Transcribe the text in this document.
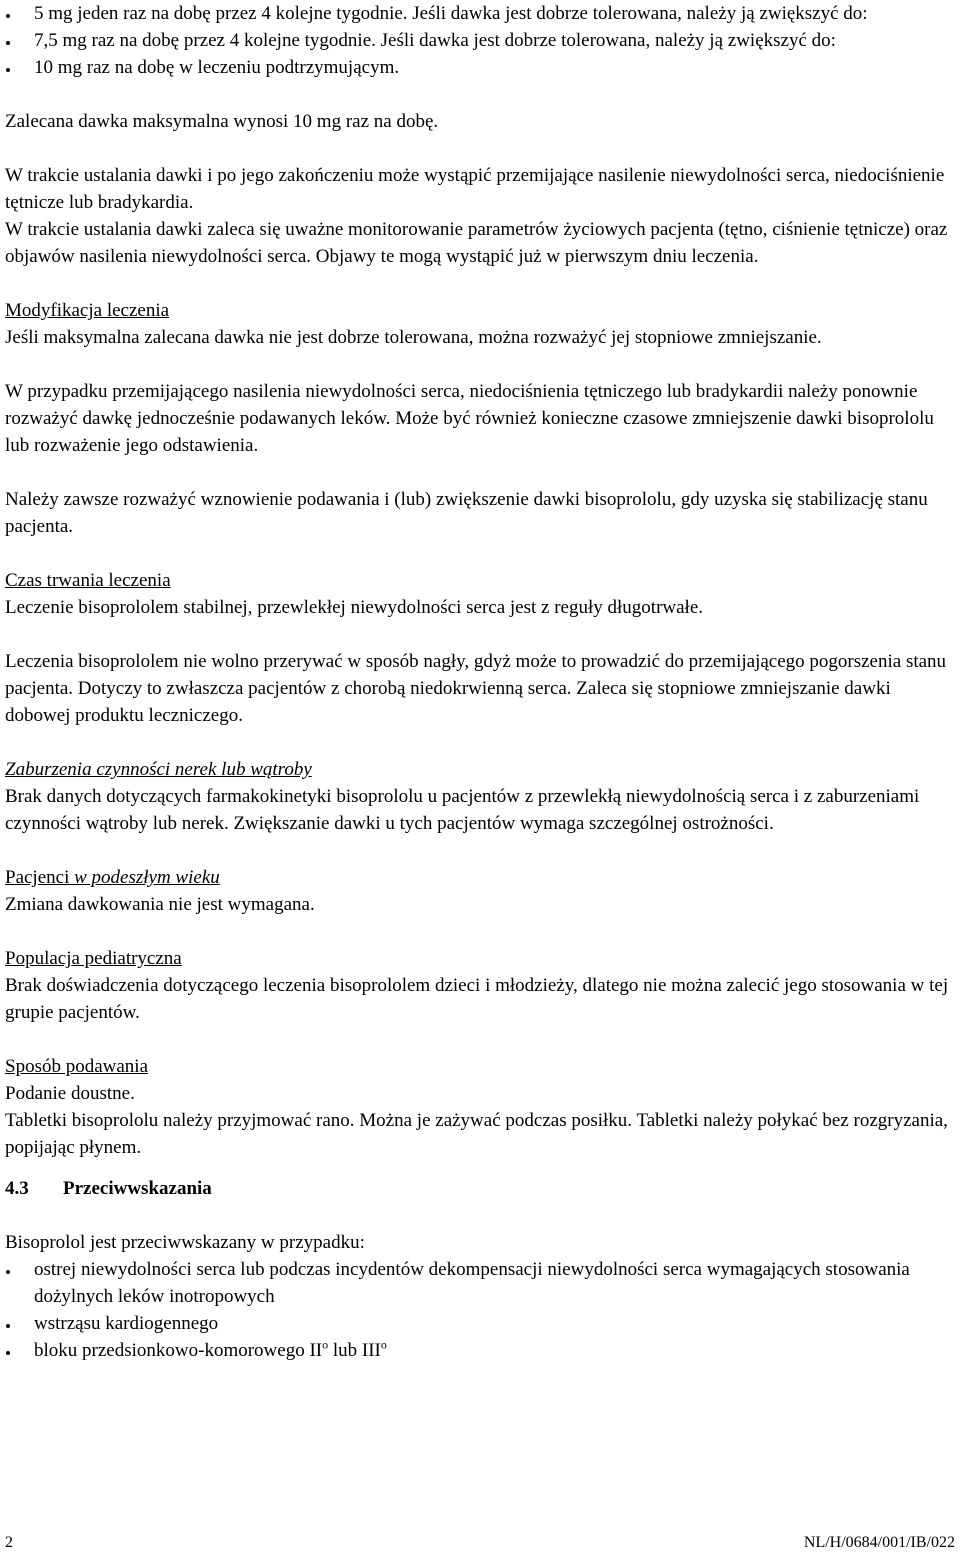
5 mg jeden raz na dobę przez 4 kolejne tygodnie. Jeśli dawka jest dobrze tolerowana, należy ją zwiększyć do:
7,5 mg raz na dobę przez 4 kolejne tygodnie. Jeśli dawka jest dobrze tolerowana, należy ją zwiększyć do:
10 mg raz na dobę w leczeniu podtrzymującym.

Zalecana dawka maksymalna wynosi 10 mg raz na dobę.

W trakcie ustalania dawki i po jego zakończeniu może wystąpić przemijające nasilenie niewydolności serca, niedociśnienie tętnicze lub bradykardia.

W trakcie ustalania dawki zaleca się uważne monitorowanie parametrów życiowych pacjenta (tętno, ciśnienie tętnicze) oraz objawów nasilenia niewydolności serca. Objawy te mogą wystąpić już w pierwszym dniu leczenia.

Modyfikacja leczenia

Jeśli maksymalna zalecana dawka nie jest dobrze tolerowana, można rozważyć jej stopniowe zmniejszanie.

W przypadku przemijającego nasilenia niewydolności serca, niedociśnienia tętniczego lub bradykardii należy ponownie rozważyć dawkę jednocześnie podawanych leków. Może być również konieczne czasowe zmniejszenie dawki bisoprololu lub rozważenie jego odstawienia.

Należy zawsze rozważyć wznowienie podawania i (lub) zwiększenie dawki bisoprololu, gdy uzyska się stabilizację stanu pacjenta.

Czas trwania leczenia

Leczenie bisoprololem stabilnej, przewlekłej niewydolności serca jest z reguły długotrwałe.

Leczenia bisoprololem nie wolno przerywać w sposób nagły, gdyż może to prowadzić do przemijającego pogorszenia stanu pacjenta. Dotyczy to zwłaszcza pacjentów z chorobą niedokrwienną serca. Zaleca się stopniowe zmniejszanie dawki dobowej produktu leczniczego.

Zaburzenia czynności nerek lub wątroby

Brak danych dotyczących farmakokinetyki bisoprololu u pacjentów z przewlekłą niewydolnością serca i z zaburzeniami czynności wątroby lub nerek. Zwiększanie dawki u tych pacjentów wymaga szczególnej ostrożności.

Pacjenci w podeszłym wieku

Zmiana dawkowania nie jest wymagana.

Populacja pediatryczna

Brak doświadczenia dotyczącego leczenia bisoprololem dzieci i młodzieży, dlatego nie można zalecić jego stosowania w tej grupie pacjentów.

Sposób podawania

Podanie doustne.

Tabletki bisoprololu należy przyjmować rano. Można je zażywać podczas posiłku. Tabletki należy połykać bez rozgryzania, popijając płynem.

4.3 Przeciwwskazania

Bisoprolol jest przeciwwskazany w przypadku:

ostrej niewydolności serca lub podczas incydentów dekompensacji niewydolności serca wymagających stosowania dożylnych leków inotropowych
wstrząsu kardiogennego
bloku przedsionkowo-komorowego $II^o$ lub III$^o$
2	NL/H/0684/001/IB/022
